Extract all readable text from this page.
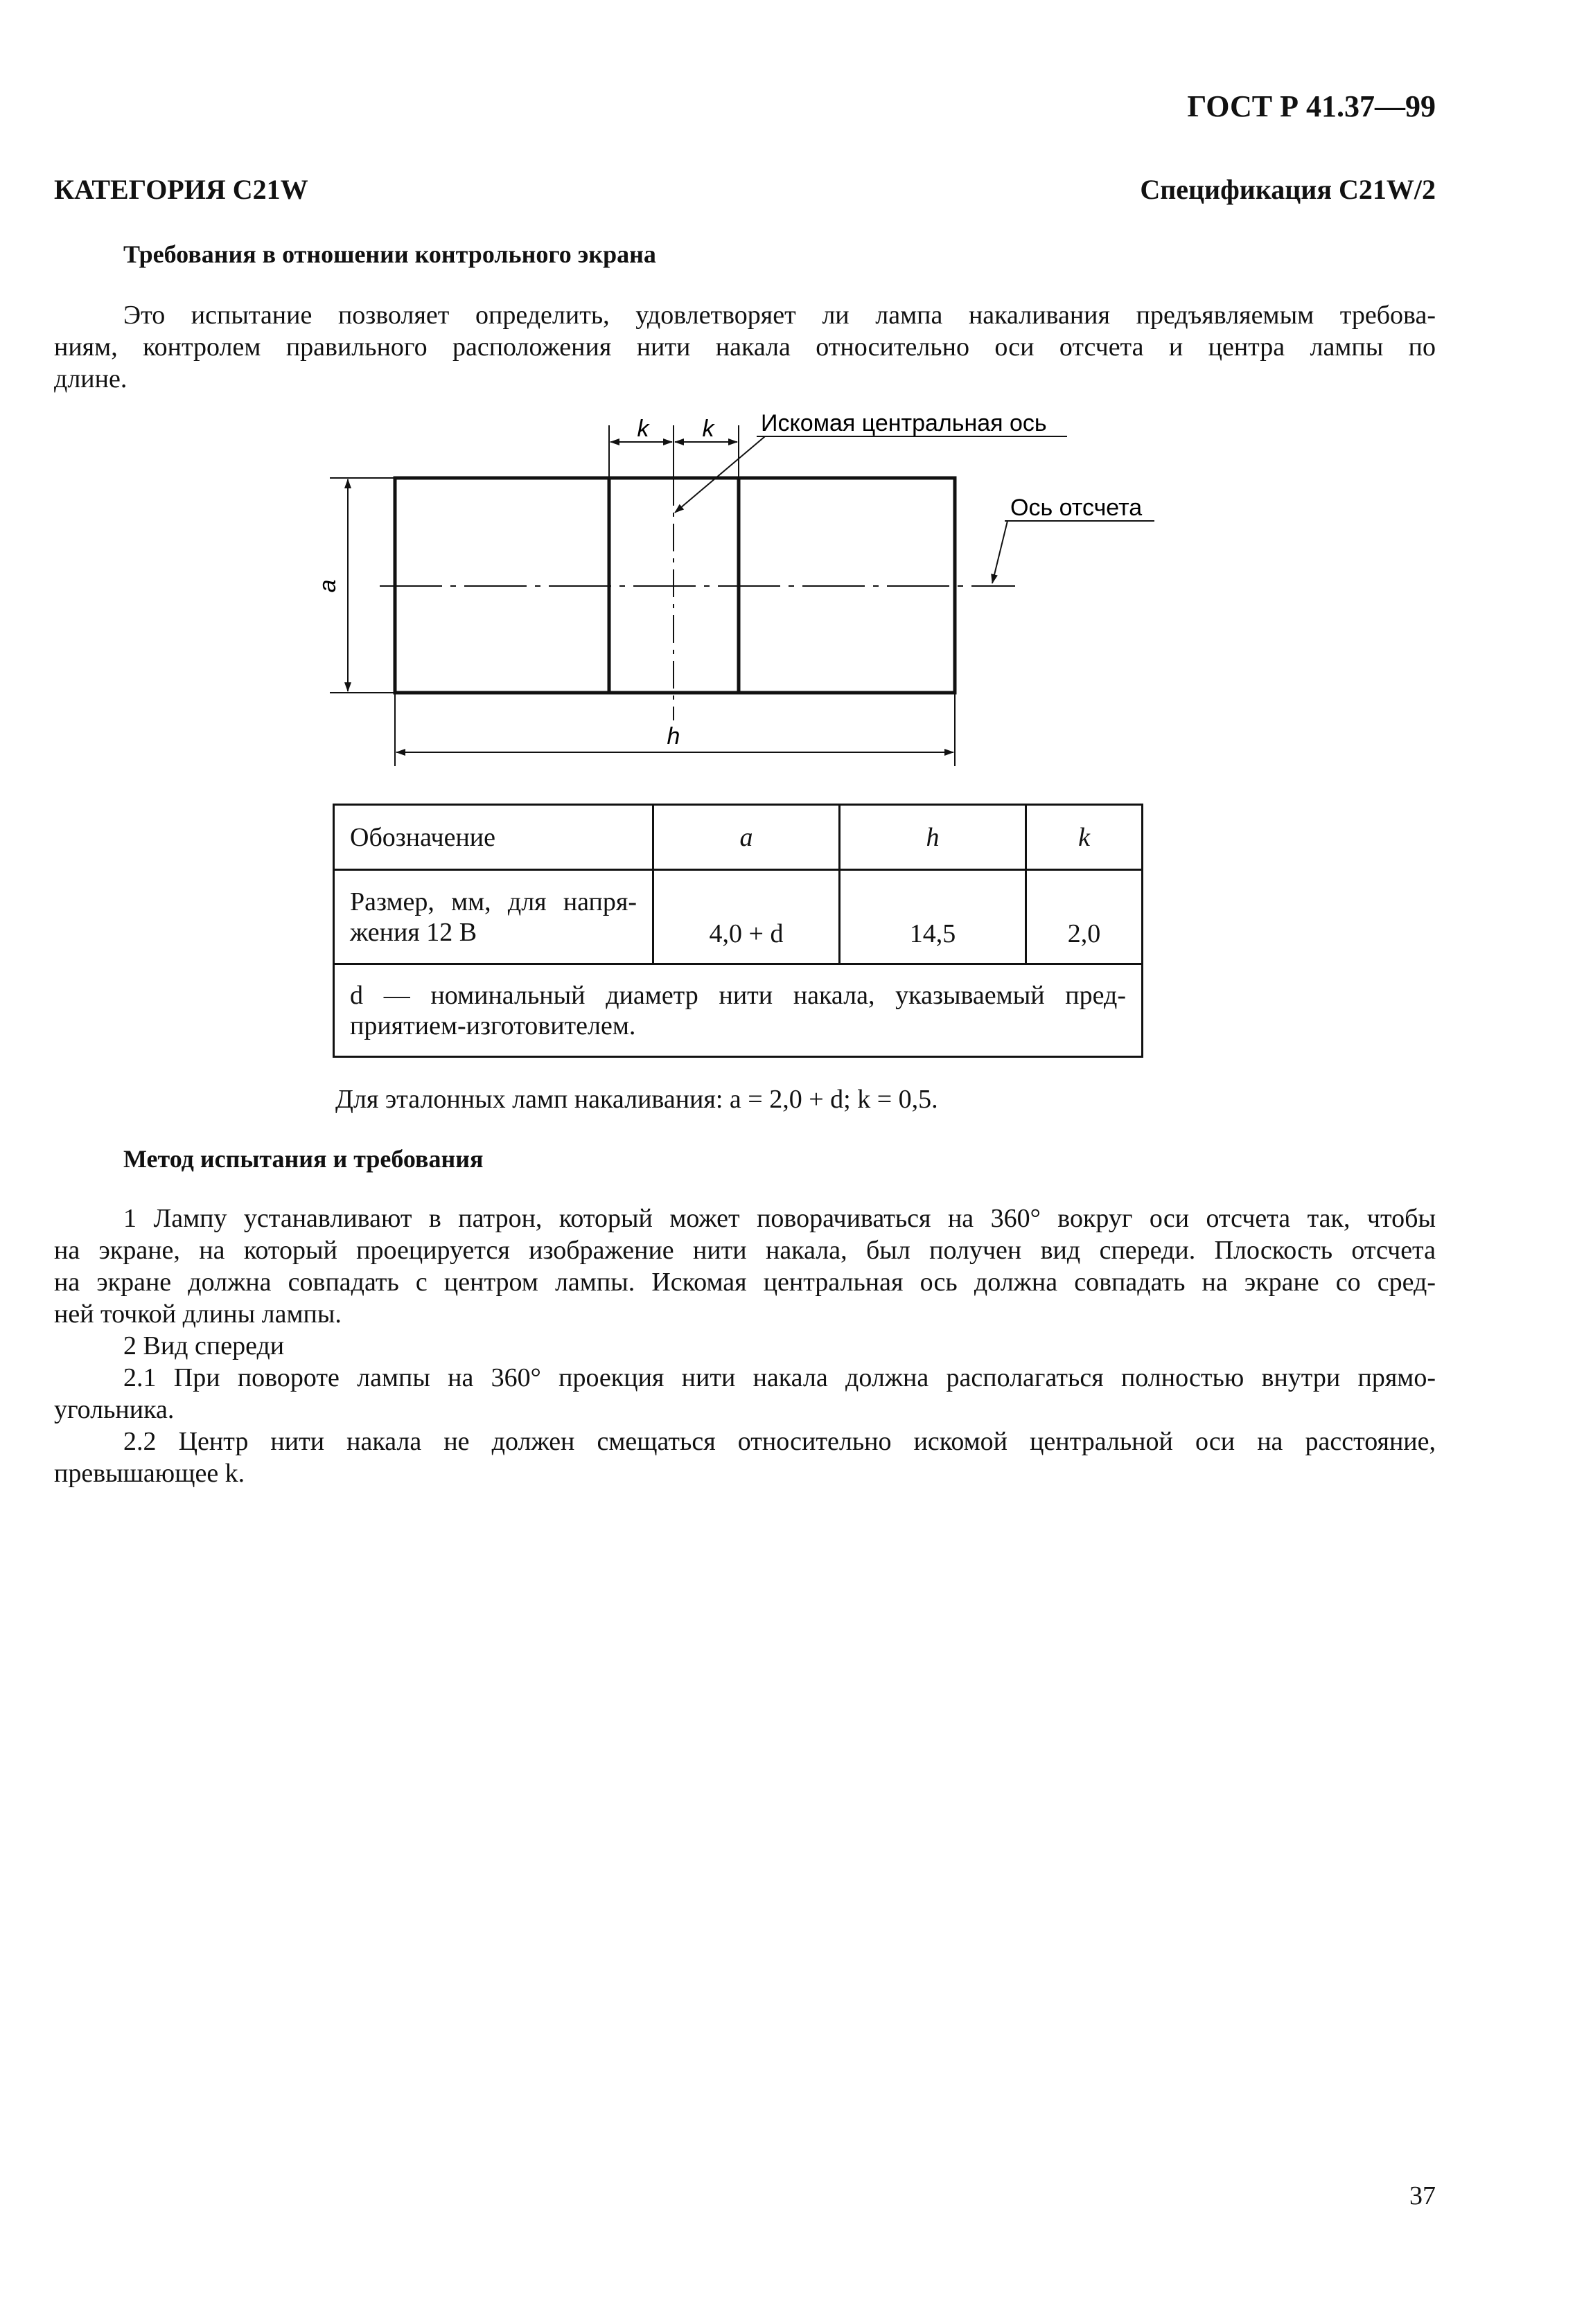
ГОСТ Р 41.37—99
КАТЕГОРИЯ C21W	Спецификация C21W/2
Требования в отношении контрольного экрана
Это испытание позволяет определить, удовлетворяет ли лампа накаливания предъявляемым требова-
ниям, контролем правильного расположения нити накала относительно оси отсчета и центра лампы по
длине.
k k Искомая центральная ось
Ось отсчета
a
h
Обозначение	a	h	k

Размер, мм, для напря-
жения 12 В	4,0 + d	14,5	2,0

d — номинальный диаметр нити накала, указываемый пред-
приятием-изготовителем.			
Для эталонных ламп накаливания: a = 2,0 + d; k = 0,5.
Метод испытания и требования
1 Лампу устанавливают в патрон, который может поворачиваться на 360° вокруг оси отсчета так, чтобы
на экране, на который проецируется изображение нити накала, был получен вид спереди. Плоскость отсчета
на экране должна совпадать с центром лампы. Искомая центральная ось должна совпадать на экране со сред-
ней точкой длины лампы.
2 Вид спереди
2.1 При повороте лампы на 360° проекция нити накала должна располагаться полностью внутри прямо-
угольника.
2.2 Центр нити накала не должен смещаться относительно искомой центральной оси на расстояние,
превышающее k.
37
